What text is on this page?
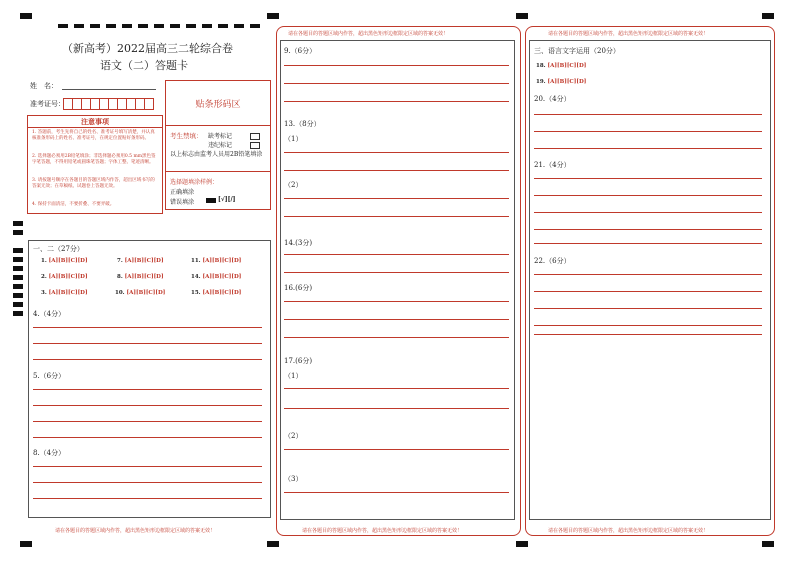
（新高考）2022届高三二轮综合卷
语文（二）答题卡
姓　名：
准考证号：
注意事项
1. 答题前，考生先将自己的姓名、准考证号填写清楚，并认真核准条形码上的姓名、准考证号，在规定位置贴好条形码。
2. 选择题必须用2B铅笔填涂；非选择题必须用0.5 mm黑色签字笔答题，不得用铅笔或圆珠笔答题；字体工整、笔迹清晰。
3. 请按题号顺序在各题目的答题区域内作答，超出区域书写的答案无效；在草稿纸、试题卷上答题无效。
4. 保持卡面清洁，不要折叠、不要弄破。
贴条形码区
考生禁填： 缺考标记
违纪标记
以上标志由监考人员用2B铅笔填涂
选择题填涂样例：
正确填涂
错误填涂	[√][/]
一、二（27分）
1. [A][B][C][D]
2. [A][B][C][D]
3. [A][B][C][D]
7. [A][B][C][D]
8. [A][B][C][D]
10. [A][B][C][D]
11. [A][B][C][D]
14. [A][B][C][D]
15. [A][B][C][D]
4.（4分）
5.（6分）
8.（4分）
请在各题目的答题区域内作答，超出黑色矩形边框限定区域的答案无效！
请在各题目的答题区域内作答，超出黑色矩形边框限定区域的答案无效！
请在各题目的答题区域内作答，超出黑色矩形边框限定区域的答案无效！
9.（6分）
13.（8分）
（1）
（2）
14.(3分)
16.(6分)
17.(6分)
（1）
（2）
（3）
请在各题目的答题区域内作答，超出黑色矩形边框限定区域的答案无效！
请在各题目的答题区域内作答，超出黑色矩形边框限定区域的答案无效！
三、语言文字运用（20分）
18. [A][B][C][D]
19. [A][B][C][D]
20.（4分）
21.（4分）
22.（6分）
